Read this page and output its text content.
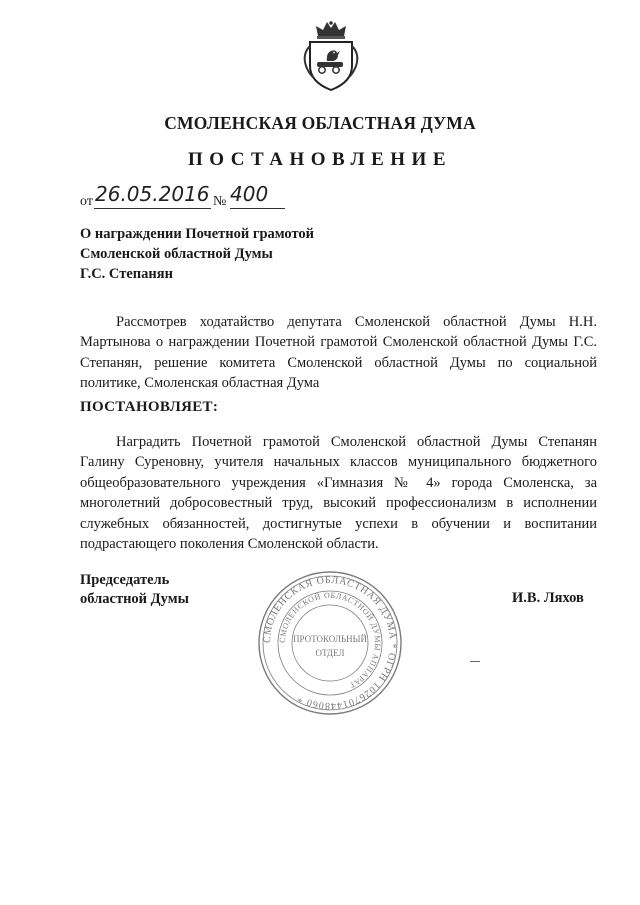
СМОЛЕНСКАЯ ОБЛАСТНАЯ ДУМА
ПОСТАНОВЛЕНИЕ
от 26.05.2016 № 400
О награждении Почетной грамотой
Смоленской областной Думы
Г.С. Степанян
Рассмотрев ходатайство депутата Смоленской областной Думы Н.Н. Мартынова о награждении Почетной грамотой Смоленской областной Думы Г.С. Степанян, решение комитета Смоленской областной Думы по социальной политике, Смоленская областная Дума
ПОСТАНОВЛЯЕТ:
Наградить Почетной грамотой Смоленской областной Думы Степанян Галину Суреновну, учителя начальных классов муниципального бюджетного общеобразовательного учреждения «Гимназия № 4» города Смоленска, за многолетний добросовестный труд, высокий профессионализм в исполнении служебных обязанностей, достигнутые успехи в обучении и воспитании подрастающего поколения Смоленской области.
Председатель
областной Думы	И.В. Ляхов
СМОЛЕНСКАЯ ОБЛАСТНАЯ ДУМА * ОГРН 1026701448060 *
СМОЛЕНСКОЙ ОБЛАСТНОЙ ДУМЫ АППАРАТ
ПРОТОКОЛЬНЫЙ
ОТДЕЛ
